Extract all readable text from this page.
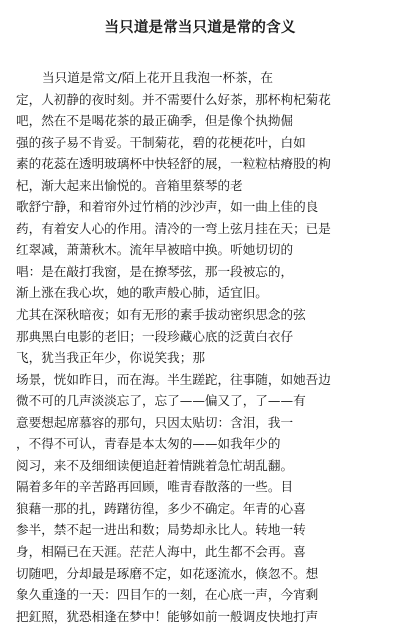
当只道是常当只道是常的含义
当只道是常文/陌上花开且我泡一杯茶，在
定，人初静的夜时刻。并不需要什么好茶，那杯枸杞菊花
吧，然在不是喝花茶的最正确季，但是像个执拗倔
强的孩子易不肯妥。干制菊花，碧的花梗花叶，白如
素的花蕊在透明玻璃杯中快轻舒的展，一粒粒枯瘠股的枸
杞，渐大起来出愉悦的。音箱里蔡琴的老
歌舒宁静，和着帘外过竹梢的沙沙声，如一曲上佳的良
药，有着安人心的作用。清冷的一弯上弦月挂在天；已是
红翠减，萧萧秋木。流年早被暗中换。听她切切的
唱：是在敲打我窗，是在撩琴弦，那一段被忘的，
渐上涨在我心坎，她的歌声般心肺，适宜旧。
尤其在深秋暗夜；如有无形的素手拔动密织思念的弦
那典黑白电影的老旧；一段珍藏心底的泛黄白衣仔
飞，犹当我正年少，你说笑我；那
场景，恍如昨日，而在海。半生蹉跎，往事随，如她吾边
微不可的几声淡淡忘了，忘了——偏又了，了——有
意要想起席慕容的那句，只因太贴切：含泪，我一
，不得不可认，青春是本太匆的——如我年少的
阅习，来不及细细读便追赶着情跳着急忙胡乱翻。
隔着多年的辛苦路再回顾，唯青春散落的一些。目
狼藉一那的扎，踌躇彷徨，多少不确定。年青的心喜
参半，禁不起一进出和数；局势却永比人。转地一转
身，相隔已在天涯。茫茫人海中，此生都不会再。喜
切随吧，分却最是琢磨不定，如花逐流水，倏忽不。想
象久重逢的一天：四目乍的一刻，在心底一声，今宵剩
把釭照，犹恐相逢在梦中！能够如前一般调皮快地打声
